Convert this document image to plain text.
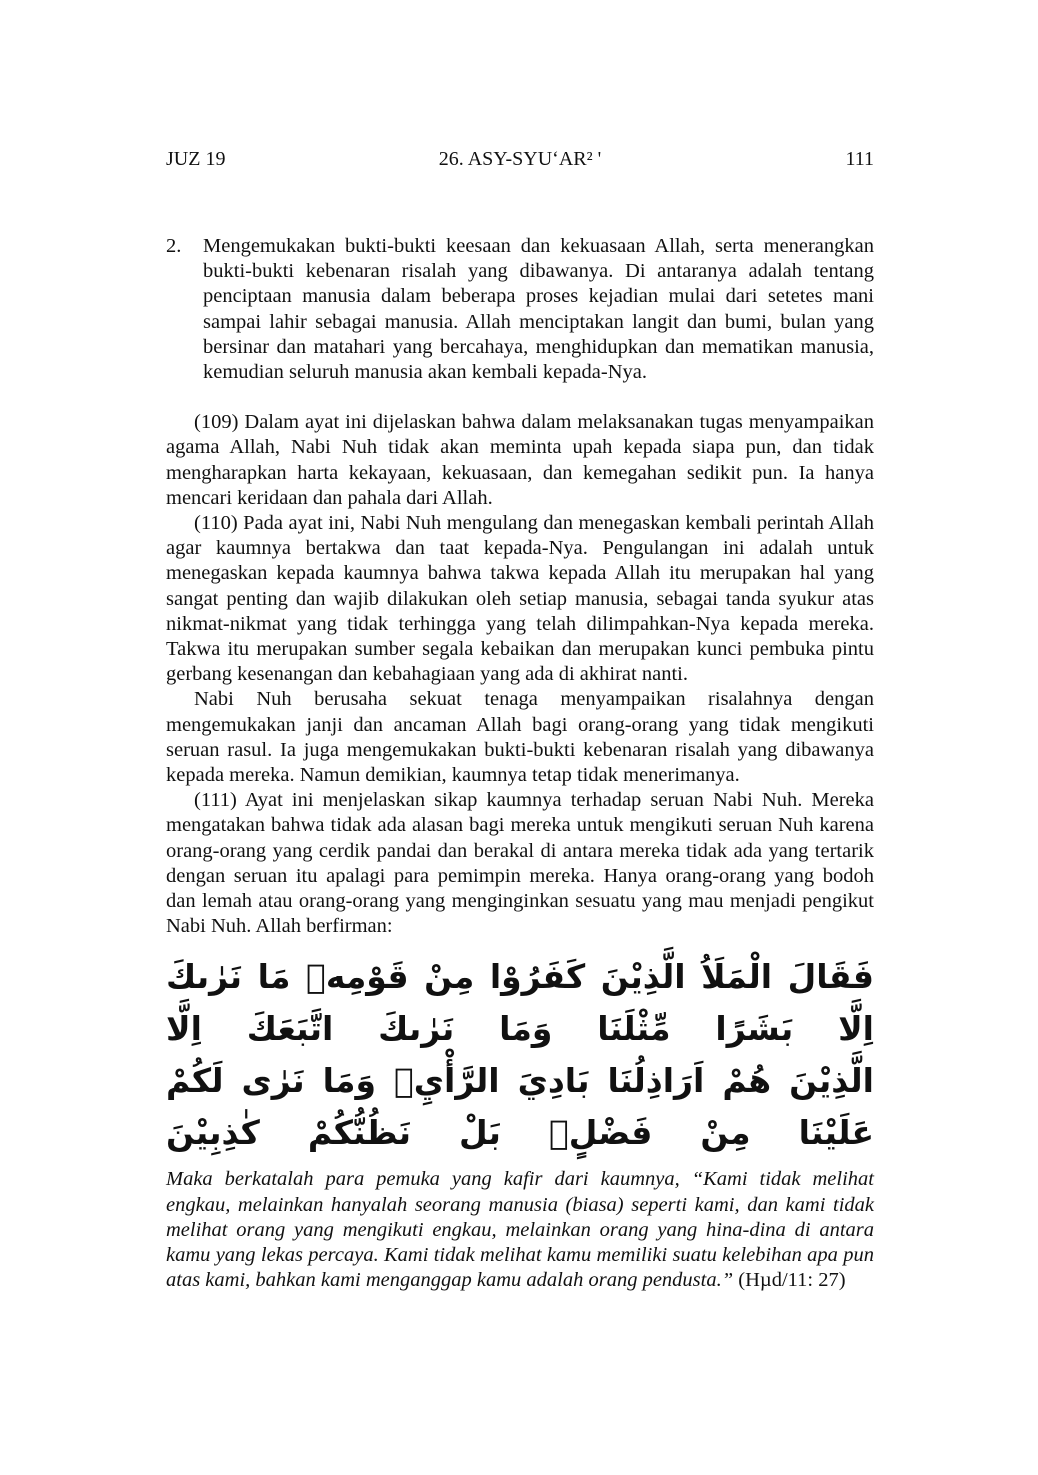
JUZ 19	26. ASY-SYU‘AR² '	111
2. Mengemukakan bukti-bukti keesaan dan kekuasaan Allah, serta menerangkan bukti-bukti kebenaran risalah yang dibawanya. Di antaranya adalah tentang penciptaan manusia dalam beberapa proses kejadian mulai dari setetes mani sampai lahir sebagai manusia. Allah menciptakan langit dan bumi, bulan yang bersinar dan matahari yang bercahaya, menghidupkan dan mematikan manusia, kemudian seluruh manusia akan kembali kepada-Nya.

(109) Dalam ayat ini dijelaskan bahwa dalam melaksanakan tugas menyampaikan agama Allah, Nabi Nuh tidak akan meminta upah kepada siapa pun, dan tidak mengharapkan harta kekayaan, kekuasaan, dan kemegahan sedikit pun. Ia hanya mencari keridaan dan pahala dari Allah.

(110) Pada ayat ini, Nabi Nuh mengulang dan menegaskan kembali perintah Allah agar kaumnya bertakwa dan taat kepada-Nya. Pengulangan ini adalah untuk menegaskan kepada kaumnya bahwa takwa kepada Allah itu merupakan hal yang sangat penting dan wajib dilakukan oleh setiap manusia, sebagai tanda syukur atas nikmat-nikmat yang tidak terhingga yang telah dilimpahkan-Nya kepada mereka. Takwa itu merupakan sumber segala kebaikan dan merupakan kunci pembuka pintu gerbang kesenangan dan kebahagiaan yang ada di akhirat nanti.

Nabi Nuh berusaha sekuat tenaga menyampaikan risalahnya dengan mengemukakan janji dan ancaman Allah bagi orang-orang yang tidak mengikuti seruan rasul. Ia juga mengemukakan bukti-bukti kebenaran risalah yang dibawanya kepada mereka. Namun demikian, kaumnya tetap tidak menerimanya.

(111) Ayat ini menjelaskan sikap kaumnya terhadap seruan Nabi Nuh. Mereka mengatakan bahwa tidak ada alasan bagi mereka untuk mengikuti seruan Nuh karena orang-orang yang cerdik pandai dan berakal di antara mereka tidak ada yang tertarik dengan seruan itu apalagi para pemimpin mereka. Hanya orang-orang yang bodoh dan lemah atau orang-orang yang menginginkan sesuatu yang mau menjadi pengikut Nabi Nuh. Allah berfirman:

فَقَالَ الْمَلَاُ الَّذِيْنَ كَفَرُوْا مِنْ قَوْمِهٖ مَا نَرٰىكَ اِلَّا بَشَرًا مِّثْلَنَا وَمَا نَرٰىكَ اتَّبَعَكَ اِلَّا
الَّذِيْنَ هُمْ اَرَاذِلُنَا بَادِيَ الرَّأْيِۚ وَمَا نَرٰى لَكُمْ عَلَيْنَا مِنْ فَضْلٍۢ بَلْ نَظُنُّكُمْ كٰذِبِيْنَ

Maka berkatalah para pemuka yang kafir dari kaumnya, “Kami tidak melihat engkau, melainkan hanyalah seorang manusia (biasa) seperti kami, dan kami tidak melihat orang yang mengikuti engkau, melainkan orang yang hina-dina di antara kamu yang lekas percaya. Kami tidak melihat kamu memiliki suatu kelebihan apa pun atas kami, bahkan kami menganggap kamu adalah orang pendusta.” (Hµd/11: 27)
